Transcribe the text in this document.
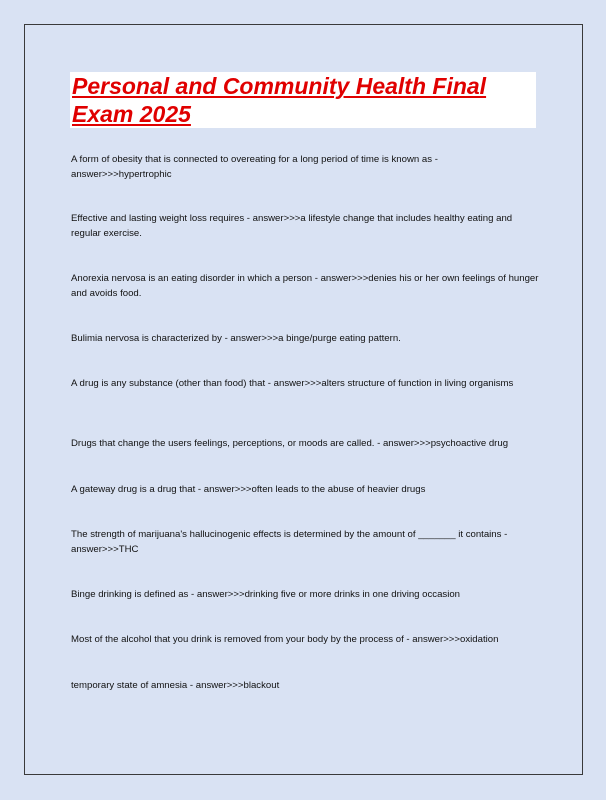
Personal and Community Health Final Exam 2025
A form of obesity that is connected to overeating for a long period of time is known as - answer>>>hypertrophic
Effective and lasting weight loss requires - answer>>>a lifestyle change that includes healthy eating and regular exercise.
Anorexia nervosa is an eating disorder in which a person - answer>>>denies his or her own feelings of hunger and avoids food.
Bulimia nervosa is characterized by - answer>>>a binge/purge eating pattern.
A drug is any substance (other than food) that - answer>>>alters structure of function in living organisms
Drugs that change the users feelings, perceptions, or moods are called. - answer>>>psychoactive drug
A gateway drug is a drug that - answer>>>often leads to the abuse of heavier drugs
The strength of marijuana's hallucinogenic effects is determined by the amount of _______ it contains - answer>>>THC
Binge drinking is defined as - answer>>>drinking five or more drinks in one driving occasion
Most of the alcohol that you drink is removed from your body by the process of - answer>>>oxidation
temporary state of amnesia - answer>>>blackout
